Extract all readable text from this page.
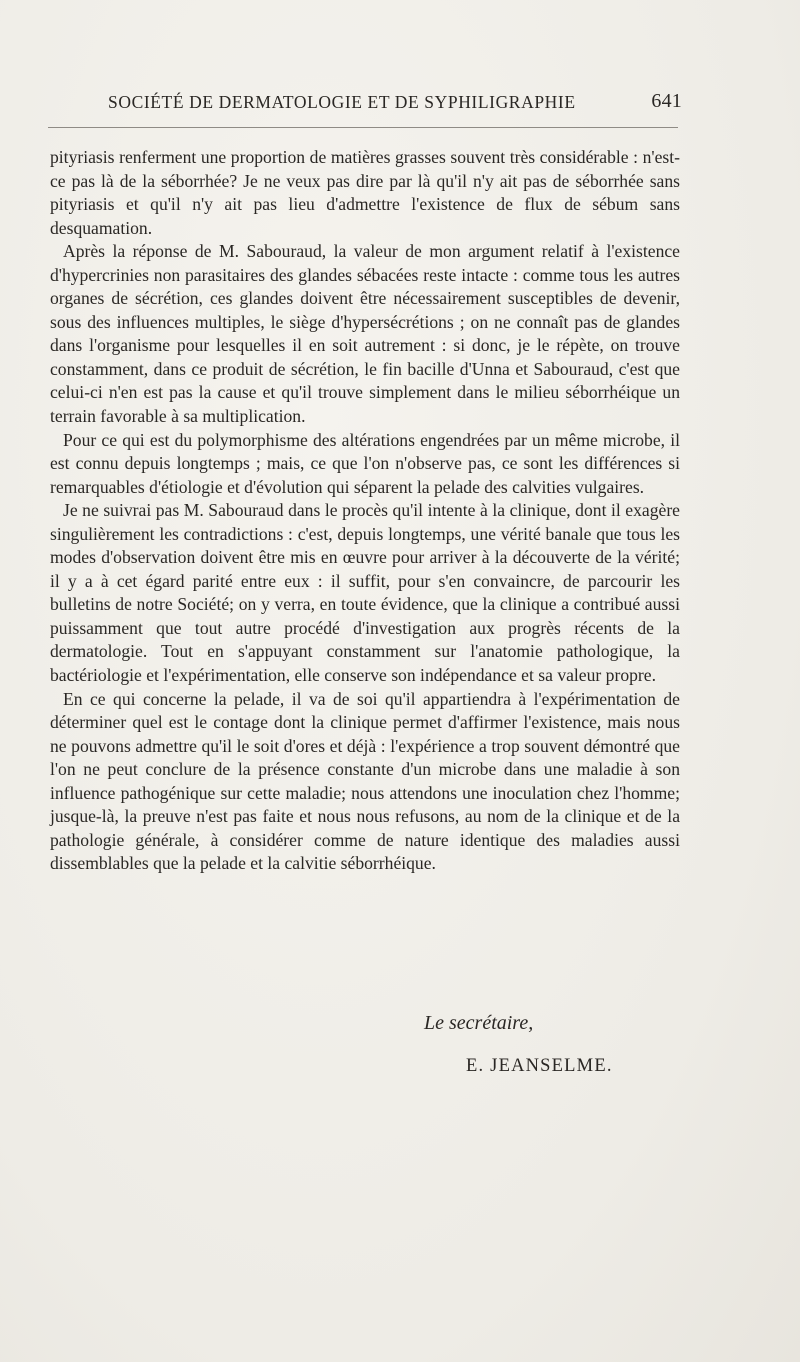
SOCIÉTÉ DE DERMATOLOGIE ET DE SYPHILIGRAPHIE	641

pityriasis renferment une proportion de matières grasses souvent très considérable : n'est-ce pas là de la séborrhée? Je ne veux pas dire par là qu'il n'y ait pas de séborrhée sans pityriasis et qu'il n'y ait pas lieu d'admettre l'existence de flux de sébum sans desquamation.

Après la réponse de M. Sabouraud, la valeur de mon argument relatif à l'existence d'hypercrinies non parasitaires des glandes sébacées reste intacte : comme tous les autres organes de sécrétion, ces glandes doivent être nécessairement susceptibles de devenir, sous des influences multiples, le siège d'hypersécrétions ; on ne connaît pas de glandes dans l'organisme pour lesquelles il en soit autrement : si donc, je le répète, on trouve constamment, dans ce produit de sécrétion, le fin bacille d'Unna et Sabouraud, c'est que celui-ci n'en est pas la cause et qu'il trouve simplement dans le milieu séborrhéique un terrain favorable à sa multiplication.

Pour ce qui est du polymorphisme des altérations engendrées par un même microbe, il est connu depuis longtemps ; mais, ce que l'on n'observe pas, ce sont les différences si remarquables d'étiologie et d'évolution qui séparent la pelade des calvities vulgaires.

Je ne suivrai pas M. Sabouraud dans le procès qu'il intente à la clinique, dont il exagère singulièrement les contradictions : c'est, depuis longtemps, une vérité banale que tous les modes d'observation doivent être mis en œuvre pour arriver à la découverte de la vérité; il y a à cet égard parité entre eux : il suffit, pour s'en convaincre, de parcourir les bulletins de notre Société; on y verra, en toute évidence, que la clinique a contribué aussi puissamment que tout autre procédé d'investigation aux progrès récents de la dermatologie. Tout en s'appuyant constamment sur l'anatomie pathologique, la bactériologie et l'expérimentation, elle conserve son indépendance et sa valeur propre.

En ce qui concerne la pelade, il va de soi qu'il appartiendra à l'expérimentation de déterminer quel est le contage dont la clinique permet d'affirmer l'existence, mais nous ne pouvons admettre qu'il le soit d'ores et déjà : l'expérience a trop souvent démontré que l'on ne peut conclure de la présence constante d'un microbe dans une maladie à son influence pathogénique sur cette maladie; nous attendons une inoculation chez l'homme; jusque-là, la preuve n'est pas faite et nous nous refusons, au nom de la clinique et de la pathologie générale, à considérer comme de nature identique des maladies aussi dissemblables que la pelade et la calvitie séborrhéique.

Le secrétaire,
E. JEANSELME.
